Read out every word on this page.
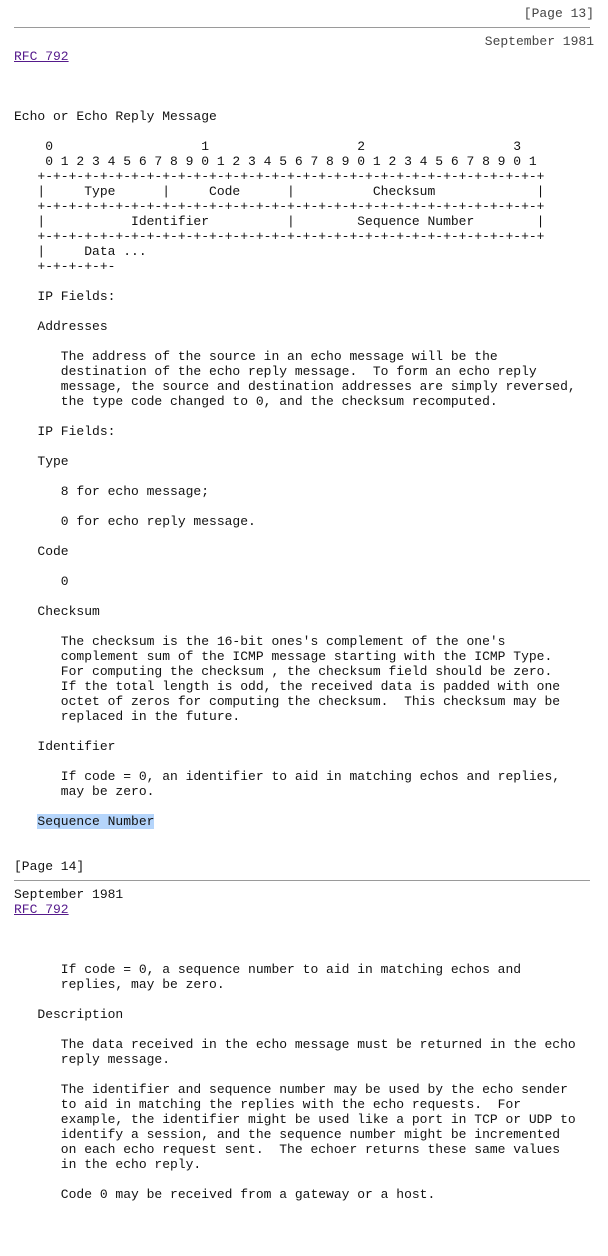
[Page 13]
September 1981
RFC 792
Echo or Echo Reply Message
0                   1                   2                   3
0 1 2 3 4 5 6 7 8 9 0 1 2 3 4 5 6 7 8 9 0 1 2 3 4 5 6 7 8 9 0 1
+-+-+-+-+-+-+-+-+-+-+-+-+-+-+-+-+-+-+-+-+-+-+-+-+-+-+-+-+-+-+-+-+
|     Type      |     Code      |          Checksum             |
+-+-+-+-+-+-+-+-+-+-+-+-+-+-+-+-+-+-+-+-+-+-+-+-+-+-+-+-+-+-+-+-+
|           Identifier          |        Sequence Number        |
+-+-+-+-+-+-+-+-+-+-+-+-+-+-+-+-+-+-+-+-+-+-+-+-+-+-+-+-+-+-+-+-+
|     Data ...
+-+-+-+-+-
IP Fields:
Addresses
The address of the source in an echo message will be the
destination of the echo reply message.  To form an echo reply
message, the source and destination addresses are simply reversed,
the type code changed to 0, and the checksum recomputed.
IP Fields:
Type
8 for echo message;
0 for echo reply message.
Code
0
Checksum
The checksum is the 16-bit ones's complement of the one's
complement sum of the ICMP message starting with the ICMP Type.
For computing the checksum , the checksum field should be zero.
If the total length is odd, the received data is padded with one
octet of zeros for computing the checksum.  This checksum may be
replaced in the future.
Identifier
If code = 0, an identifier to aid in matching echos and replies,
may be zero.
Sequence Number
[Page 14]
September 1981
RFC 792
If code = 0, a sequence number to aid in matching echos and
replies, may be zero.
Description
The data received in the echo message must be returned in the echo
reply message.
The identifier and sequence number may be used by the echo sender
to aid in matching the replies with the echo requests.  For
example, the identifier might be used like a port in TCP or UDP to
identify a session, and the sequence number might be incremented
on each echo request sent.  The echoer returns these same values
in the echo reply.
Code 0 may be received from a gateway or a host.
